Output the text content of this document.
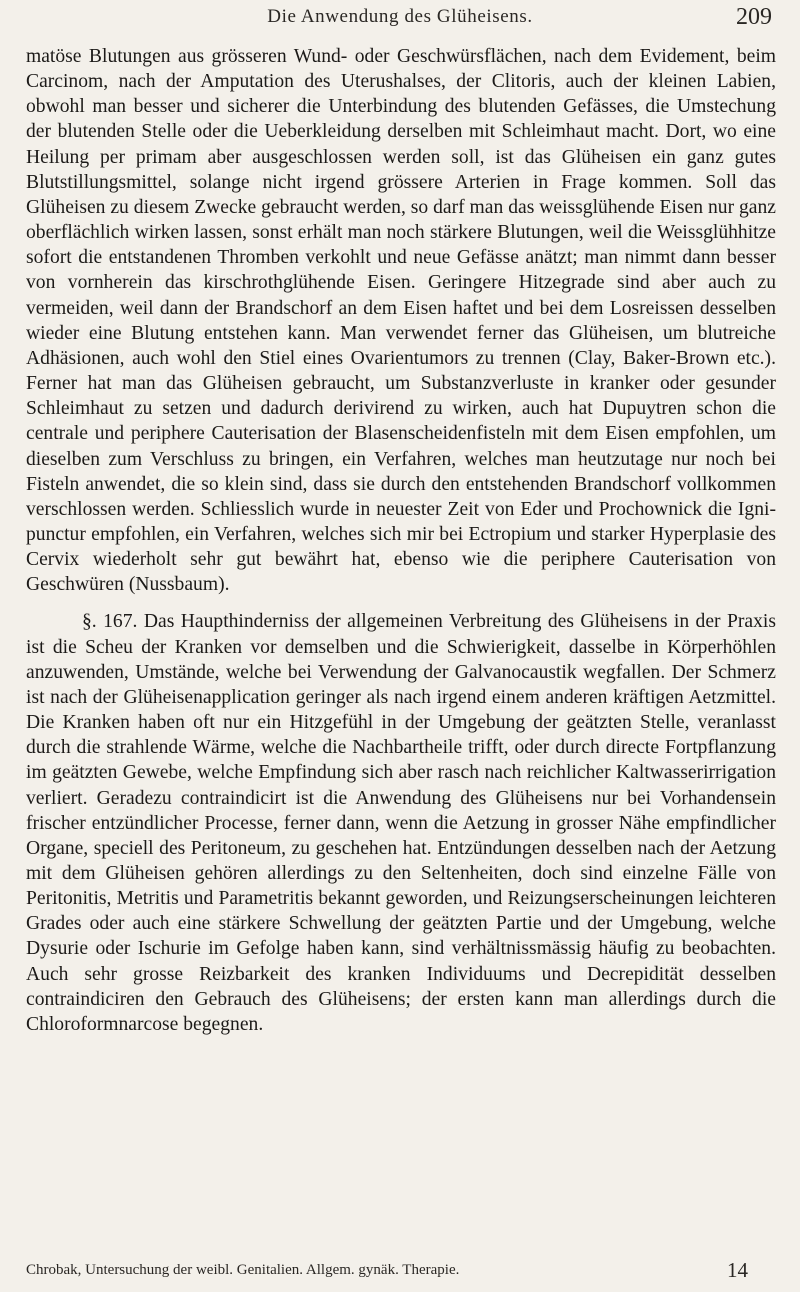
Die Anwendung des Glüheisens.	209

matöse Blutungen aus grösseren Wund- oder Geschwürsflächen, nach dem Evidement, beim Carcinom, nach der Amputation des Uterushalses, der Clitoris, auch der kleinen Labien, obwohl man besser und sicherer die Unterbindung des blutenden Gefässes, die Umstechung der blutenden Stelle oder die Ueberkleidung derselben mit Schleimhaut macht. Dort, wo eine Heilung per primam aber ausgeschlossen werden soll, ist das Glüheisen ein ganz gutes Blutstillungsmittel, solange nicht irgend grössere Arterien in Frage kommen. Soll das Glüheisen zu diesem Zwecke gebraucht werden, so darf man das weissglühende Eisen nur ganz oberflächlich wirken lassen, sonst erhält man noch stärkere Blutungen, weil die Weissglühhitze sofort die entstandenen Thromben verkohlt und neue Gefässe anätzt; man nimmt dann besser von vornherein das kirschrothglühende Eisen. Geringere Hitzegrade sind aber auch zu vermeiden, weil dann der Brandschorf an dem Eisen haftet und bei dem Losreissen desselben wieder eine Blutung entstehen kann. Man verwendet ferner das Glüheisen, um blutreiche Adhäsionen, auch wohl den Stiel eines Ovarientumors zu trennen (Clay, Baker-Brown etc.). Ferner hat man das Glüheisen gebraucht, um Substanzverluste in kranker oder gesunder Schleimhaut zu setzen und dadurch derivirend zu wirken, auch hat Dupuytren schon die centrale und periphere Cauterisation der Blasenscheidenfisteln mit dem Eisen empfohlen, um dieselben zum Verschluss zu bringen, ein Verfahren, welches man heutzutage nur noch bei Fisteln anwendet, die so klein sind, dass sie durch den entstehenden Brandschorf vollkommen verschlossen werden. Schliesslich wurde in neuester Zeit von Eder und Prochownick die Igni-punctur empfohlen, ein Verfahren, welches sich mir bei Ectropium und starker Hyperplasie des Cervix wiederholt sehr gut bewährt hat, ebenso wie die periphere Cauterisation von Geschwüren (Nussbaum).

§. 167. Das Haupthinderniss der allgemeinen Verbreitung des Glüheisens in der Praxis ist die Scheu der Kranken vor demselben und die Schwierigkeit, dasselbe in Körperhöhlen anzuwenden, Umstände, welche bei Verwendung der Galvanocaustik wegfallen. Der Schmerz ist nach der Glüheisenapplication geringer als nach irgend einem anderen kräftigen Aetzmittel. Die Kranken haben oft nur ein Hitzgefühl in der Umgebung der geätzten Stelle, veranlasst durch die strahlende Wärme, welche die Nachbartheile trifft, oder durch directe Fortpflanzung im geätzten Gewebe, welche Empfindung sich aber rasch nach reichlicher Kaltwasserirrigation verliert. Geradezu contraindicirt ist die Anwendung des Glüheisens nur bei Vorhandensein frischer entzündlicher Processe, ferner dann, wenn die Aetzung in grosser Nähe empfindlicher Organe, speciell des Peritoneum, zu geschehen hat. Entzündungen desselben nach der Aetzung mit dem Glüheisen gehören allerdings zu den Seltenheiten, doch sind einzelne Fälle von Peritonitis, Metritis und Parametritis bekannt geworden, und Reizungserscheinungen leichteren Grades oder auch eine stärkere Schwellung der geätzten Partie und der Umgebung, welche Dysurie oder Ischurie im Gefolge haben kann, sind verhältnissmässig häufig zu beobachten. Auch sehr grosse Reizbarkeit des kranken Individuums und Decrepidität desselben contraindiciren den Gebrauch des Glüheisens; der ersten kann man allerdings durch die Chloroformnarcose begegnen.

Chrobak, Untersuchung der weibl. Genitalien. Allgem. gynäk. Therapie.	14
